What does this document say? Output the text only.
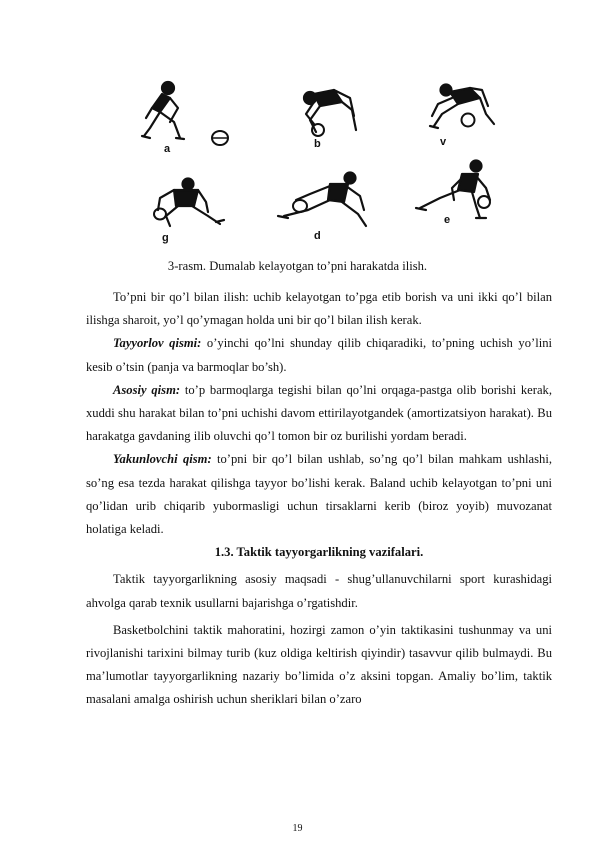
a	b	v
g	d
e
3-rasm. Dumalab kelayotgan to’pni harakatda ilish.

To’pni bir qo’l bilan ilish: uchib kelayotgan to’pga etib borish va uni ikki qo’l bilan ilishga sharoit, yo’l qo’ymagan holda uni bir qo’l bilan ilish kerak.

Tayyorlov qismi: o’yinchi qo’lni shunday qilib chiqaradiki, to’pning uchish yo’lini kesib o’tsin (panja va barmoqlar bo’sh).

Asosiy qism: to’p barmoqlarga tegishi bilan qo’lni orqaga-pastga olib borishi kerak, xuddi shu harakat bilan to’pni uchishi davom ettirilayotgandek (amortizatsiyon harakat). Bu harakatga gavdaning ilib oluvchi qo’l tomon bir oz burilishi yordam beradi.

Yakunlovchi qism: to’pni bir qo’l bilan ushlab, so’ng qo’l bilan mahkam ushlashi, so’ng esa tezda harakat qilishga tayyor bo’lishi kerak. Baland uchib kelayotgan to’pni uni qo’lidan urib chiqarib yubormasligi uchun tirsaklarni kerib (biroz yoyib) muvozanat holatiga keladi.

1.3. Taktik tayyorgarlikning vazifalari.

Taktik tayyorgarlikning asosiy maqsadi - shug’ullanuvchilarni sport kurashidagi ahvolga qarab texnik usullarni bajarishga o’rgatishdir.

Basketbolchini taktik mahoratini, hozirgi zamon o’yin taktikasini tushunmay va uni rivojlanishi tarixini bilmay turib (kuz oldiga keltirish qiyindir) tasavvur qilib bulmaydi. Bu ma’lumotlar tayyorgarlikning nazariy bo’limida o’z aksini topgan. Amaliy bo’lim, taktik masalani amalga oshirish uchun sheriklari bilan o’zaro

19
